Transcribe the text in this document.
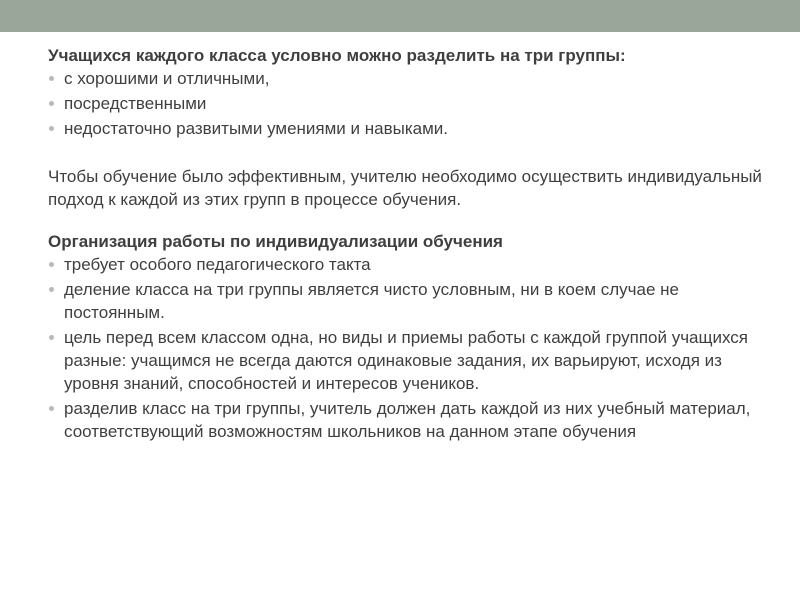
Учащихся каждого класса условно можно разделить на три группы:

с хорошими и отличными,
посредственными
недостаточно развитыми умениями и навыками.

Чтобы обучение было эффективным, учителю необходимо осуществить индивидуальный подход к каждой из этих групп в процессе обучения.

Организация работы по индивидуализации обучения

требует особого педагогического такта
деление класса на три группы является чисто условным, ни в коем случае не постоянным.
цель перед всем классом одна, но виды и приемы работы с каждой группой учащихся разные: учащимся не всегда даются одинаковые задания, их варьируют, исходя из уровня знаний, способностей и интересов учеников.
разделив класс на три группы, учитель должен дать каждой из них учебный материал, соответствующий возможностям школьников на данном этапе обучения
